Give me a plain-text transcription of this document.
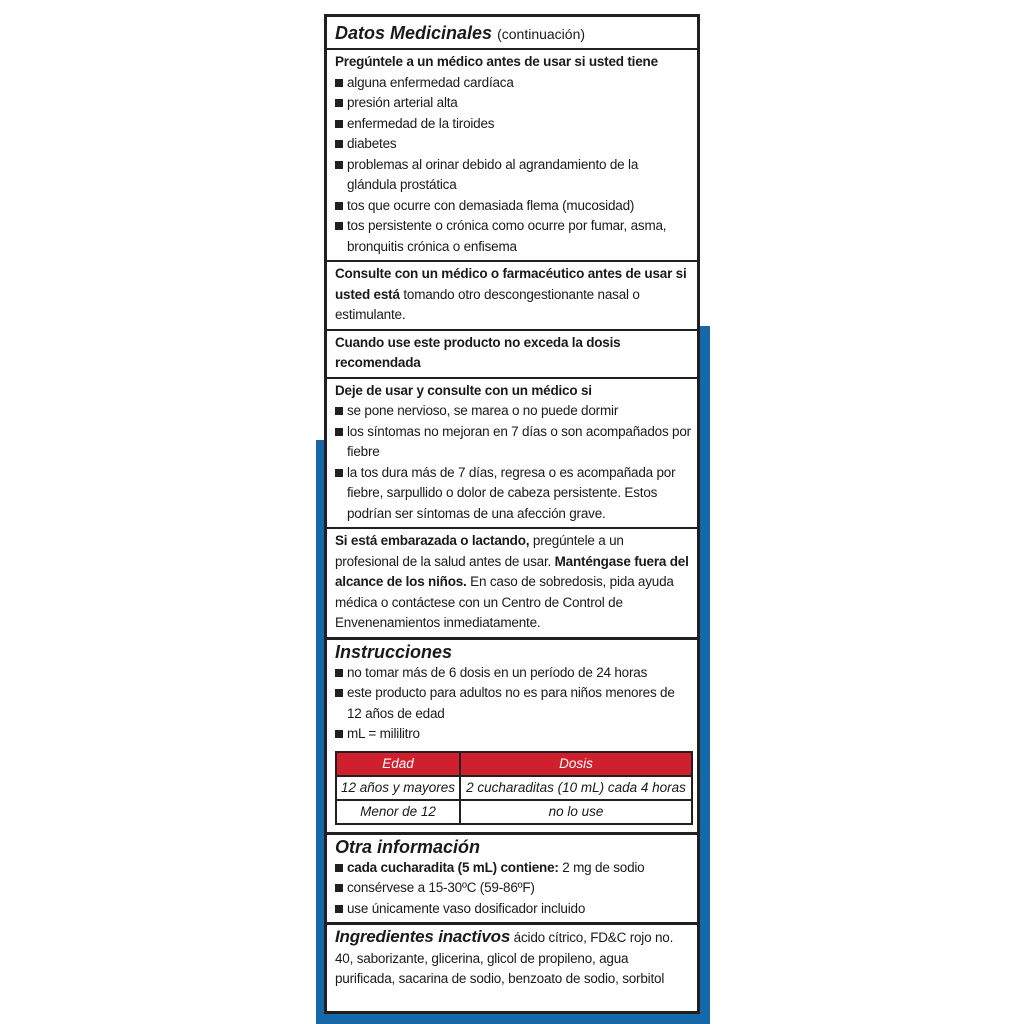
Datos Medicinales (continuación)
Pregúntele a un médico antes de usar si usted tiene
alguna enfermedad cardíaca
presión arterial alta
enfermedad de la tiroides
diabetes
problemas al orinar debido al agrandamiento de la glándula prostática
tos que ocurre con demasiada flema (mucosidad)
tos persistente o crónica como ocurre por fumar, asma, bronquitis crónica o enfisema
Consulte con un médico o farmacéutico antes de usar si usted está tomando otro descongestionante nasal o estimulante.
Cuando use este producto no exceda la dosis recomendada
Deje de usar y consulte con un médico si
se pone nervioso, se marea o no puede dormir
los síntomas no mejoran en 7 días o son acompañados por fiebre
la tos dura más de 7 días, regresa o es acompañada por fiebre, sarpullido o dolor de cabeza persistente. Estos podrían ser síntomas de una afección grave.
Si está embarazada o lactando, pregúntele a un profesional de la salud antes de usar. Manténgase fuera del alcance de los niños. En caso de sobredosis, pida ayuda médica o contáctese con un Centro de Control de Envenenamientos inmediatamente.
Instrucciones
no tomar más de 6 dosis en un período de 24 horas
este producto para adultos no es para niños menores de 12 años de edad
mL = mililitro
Edad	Dosis
12 años y mayores	2 cucharaditas (10 mL) cada 4 horas
Menor de 12	no lo use
Otra información
cada cucharadita (5 mL) contiene: 2 mg de sodio
consérvese a 15-30ºC (59-86ºF)
use únicamente vaso dosificador incluido
Ingredientes inactivos ácido cítrico, FD&C rojo no. 40, saborizante, glicerina, glicol de propileno, agua purificada, sacarina de sodio, benzoato de sodio, sorbitol
